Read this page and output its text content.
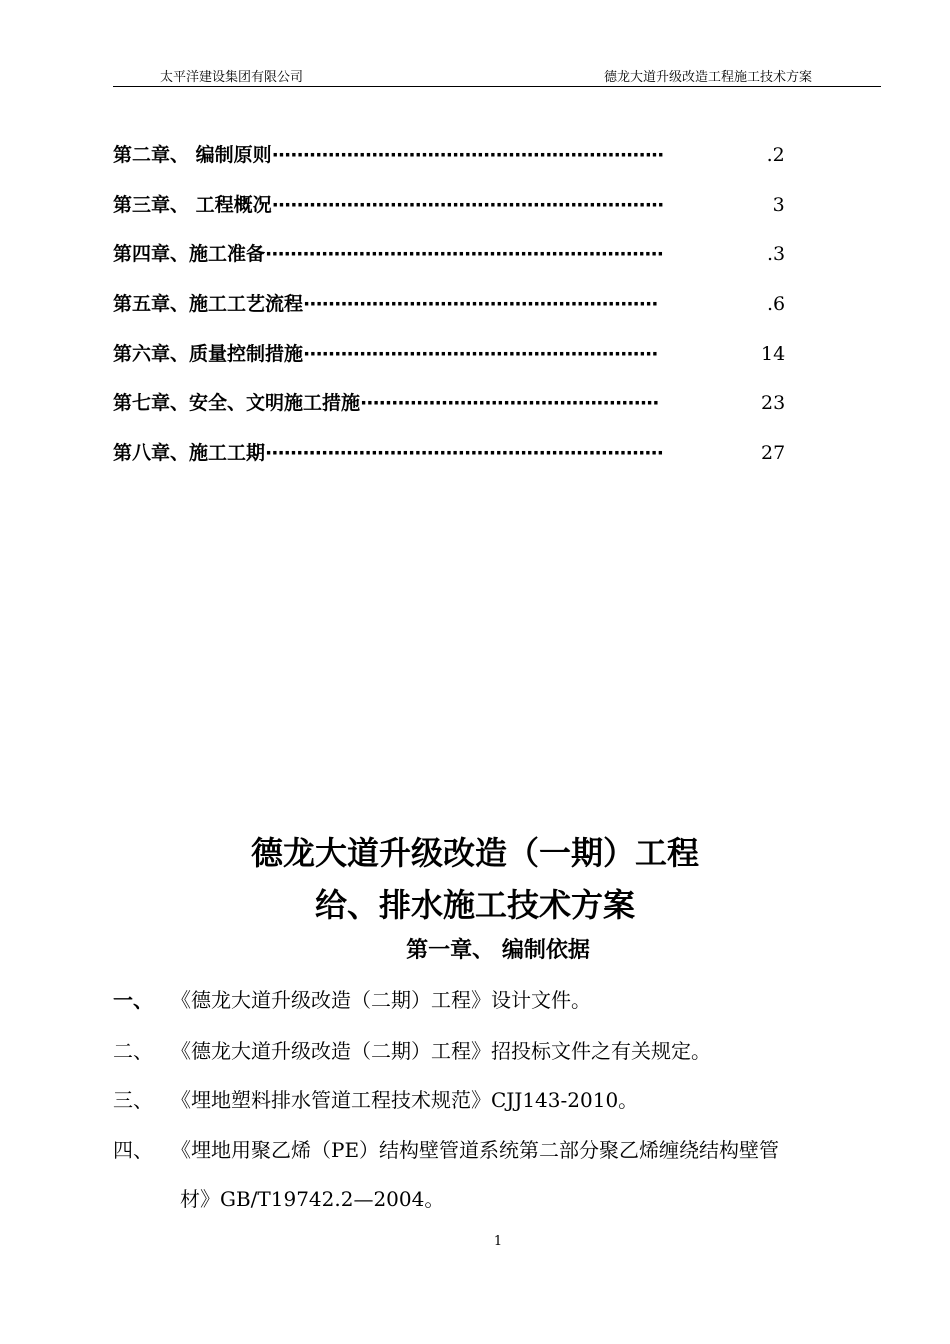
太平洋建设集团有限公司	德龙大道升级改造工程施工技术方案
第二章、 编制原则 ·······························································	.2
第三章、 工程概况 ·······························································	3
第四章、施工准备 ································································	.3
第五章、施工工艺流程 ·························································	.6
第六章、质量控制措施 ·························································	14
第七章、安全、文明施工措施 ················································	23
第八章、施工工期 ································································	27
德龙大道升级改造（一期）工程
给、排水施工技术方案
第一章、 编制依据
一、 《德龙大道升级改造（二期）工程》设计文件。
二、 《德龙大道升级改造（二期）工程》招投标文件之有关规定。
三、 《埋地塑料排水管道工程技术规范》CJJ143-2010。
四、 《埋地用聚乙烯（PE）结构壁管道系统第二部分聚乙烯缠绕结构壁管
材》GB/T19742.2—2004。
1
